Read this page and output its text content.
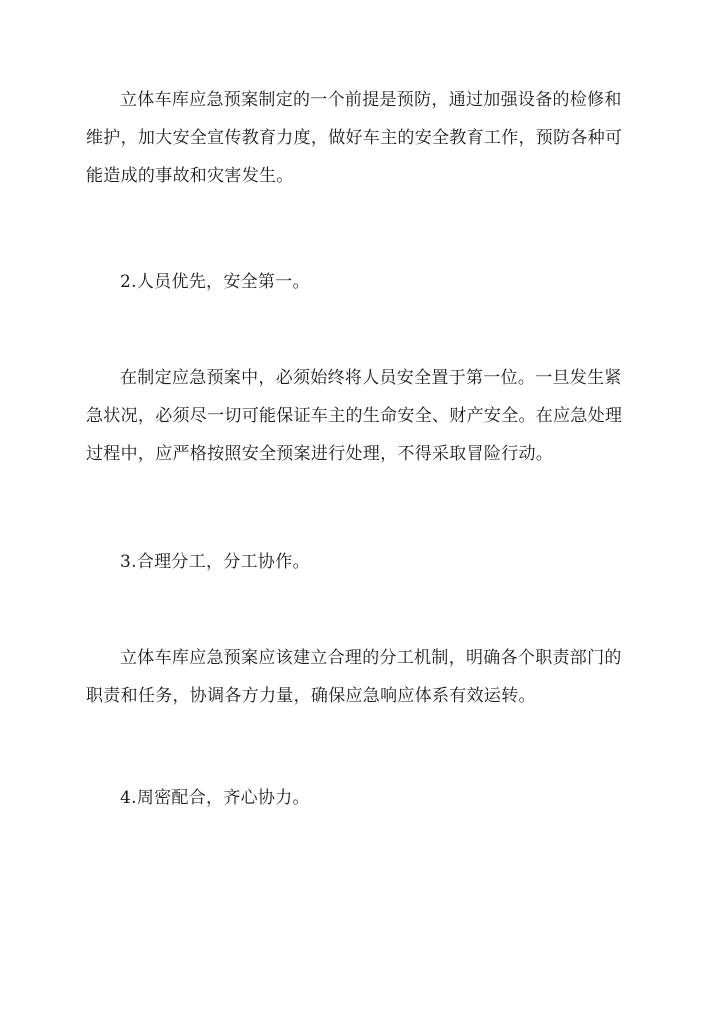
立体车库应急预案制定的一个前提是预防，通过加强设备的检修和维护，加大安全宣传教育力度，做好车主的安全教育工作，预防各种可能造成的事故和灾害发生。

2.人员优先，安全第一。

在制定应急预案中，必须始终将人员安全置于第一位。一旦发生紧急状况，必须尽一切可能保证车主的生命安全、财产安全。在应急处理过程中，应严格按照安全预案进行处理，不得采取冒险行动。

3.合理分工，分工协作。

立体车库应急预案应该建立合理的分工机制，明确各个职责部门的职责和任务，协调各方力量，确保应急响应体系有效运转。

4.周密配合，齐心协力。
